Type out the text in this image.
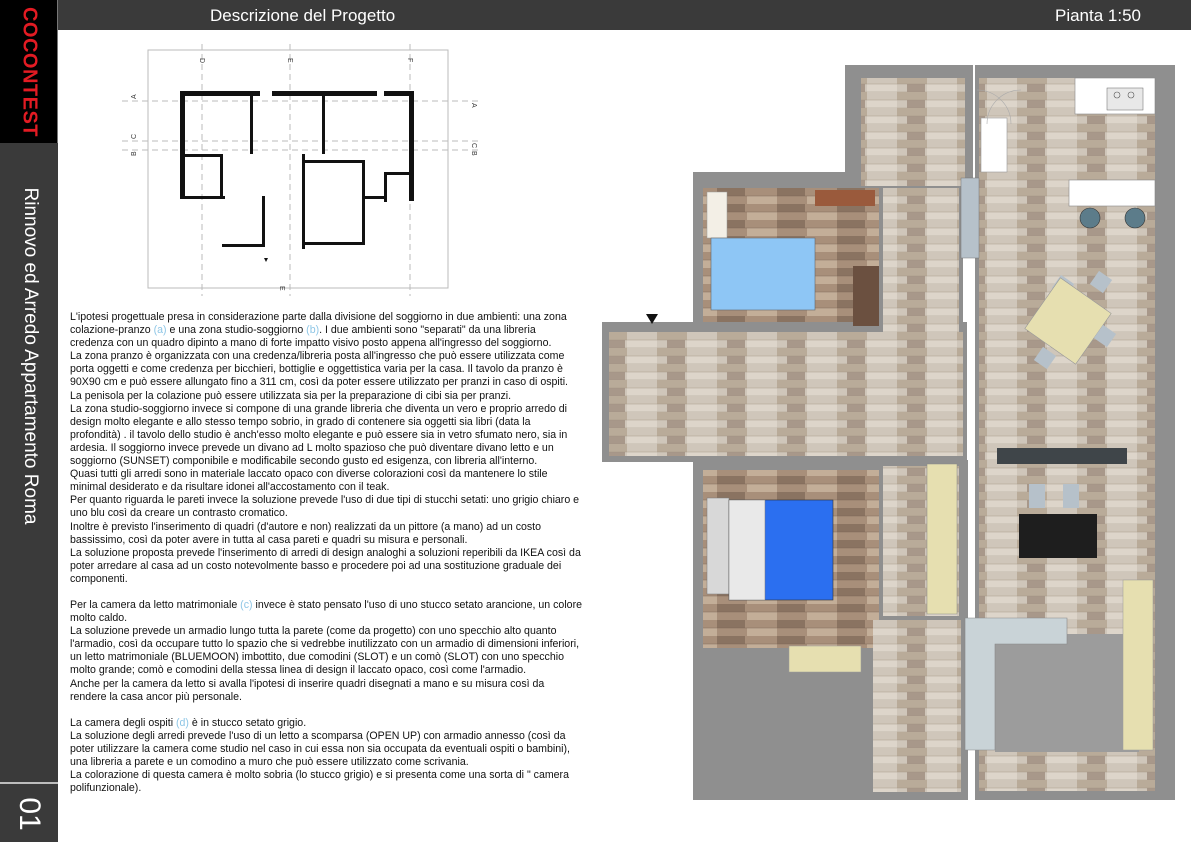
COCONTEST
Rinnovo ed Arredo Appartamento Roma
01
Descrizione del Progetto	Pianta 1:50
D	E	F
A
C
B
A
C
B
E

L'ipotesi progettuale presa in considerazione parte dalla divisione del soggiorno in due ambienti: una zona colazione-pranzo (a) e una zona studio-soggiorno (b). I due ambienti sono "separati" da una libreria credenza con un quadro dipinto a mano di forte impatto visivo posto appena all'ingresso del soggiorno.

La zona pranzo è organizzata con una credenza/libreria posta all'ingresso che può essere utilizzata come porta oggetti e come credenza per bicchieri, bottiglie e oggettistica varia per la casa. Il tavolo da pranzo è 90X90 cm e può essere allungato fino a 311 cm, così da poter essere utilizzato per pranzi in caso di ospiti. La penisola per la colazione può essere utilizzata sia per la preparazione di cibi sia per pranzi.

La zona studio-soggiorno invece si compone di una grande libreria che diventa un vero e proprio arredo di design molto elegante e allo stesso tempo sobrio, in grado di contenere sia oggetti sia libri (data la profondità) . il tavolo dello studio è anch'esso molto elegante e può essere sia in vetro sfumato nero, sia in ardesia. Il soggiorno invece prevede un divano ad L molto spazioso che può diventare divano letto e un soggiorno (SUNSET) componibile e modificabile secondo gusto ed esigenza, con libreria all'interno.

Quasi tutti gli arredi sono in materiale laccato opaco con diverse colorazioni così da mantenere lo stile minimal desiderato e da risultare idonei all'accostamento con il teak.

Per quanto riguarda le pareti invece la soluzione prevede l'uso di due tipi di stucchi setati: uno grigio chiaro e uno blu così da creare un contrasto cromatico.

Inoltre è previsto l'inserimento di quadri (d'autore e non) realizzati da un pittore (a mano) ad un costo bassissimo, così da poter avere in tutta al casa pareti e quadri su misura e personali.

La soluzione proposta prevede l'inserimento di arredi di design analoghi a soluzioni reperibili da IKEA così da poter arredare al casa ad un costo notevolmente basso e procedere poi ad una sostituzione graduale dei componenti.

Per la camera da letto matrimoniale (c) invece è stato pensato l'uso di uno stucco setato arancione, un colore molto caldo.

La soluzione prevede un armadio lungo tutta la parete (come da progetto) con uno specchio alto quanto l'armadio, così da occupare tutto lo spazio che si vedrebbe inutilizzato con un armadio di dimensioni inferiori, un letto matrimoniale (BLUEMOON) imbottito, due comodini (SLOT) e un comò (SLOT) con uno specchio molto grande; comò e comodini della stessa linea di design il laccato opaco, così come l'armadio.

Anche per la camera da letto si avalla l'ipotesi di inserire quadri disegnati a mano e su misura così da rendere la casa ancor più personale.

La camera degli ospiti (d) è in stucco setato grigio.

La soluzione degli arredi prevede l'uso di un letto a scomparsa (OPEN UP) con armadio annesso (così da poter utilizzare la camera come studio nel caso in cui essa non sia occupata da eventuali ospiti o bambini), una libreria a parete e un comodino a muro che può essere utilizzato come scrivania.

La colorazione di questa camera è molto sobria (lo stucco grigio) e si presenta come una sorta di " camera polifunzionale).
